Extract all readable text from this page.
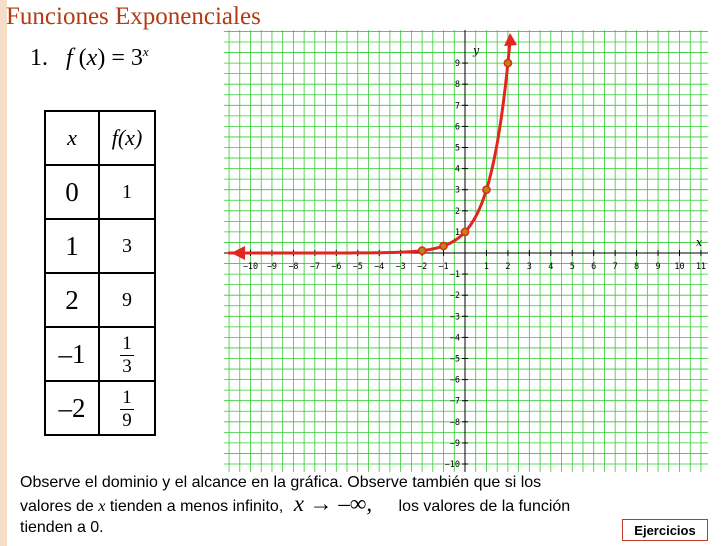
Funciones Exponenciales
1. f $(x) = 3^x$
x	f(x)
0	1
1	3
2	9
–1	$\frac{1}{3}$

–2	$\frac{1}{9}$
−10 −9 −8 −7 −6 −5 −4 −3 −2 −1	1 2 3 4 5 6 7 8 9 10 11
−10
−9
−8
−7
−6
−5
−4
−3
−2
−1
1
2
3
4
5
6
7
8
9
x
y
Observe el dominio y el alcance en la gráfica. Observe también que si los
valores de x tienden a menos infinito, x → –∞, los valores de la función
tienden a 0.	Ejercicios
